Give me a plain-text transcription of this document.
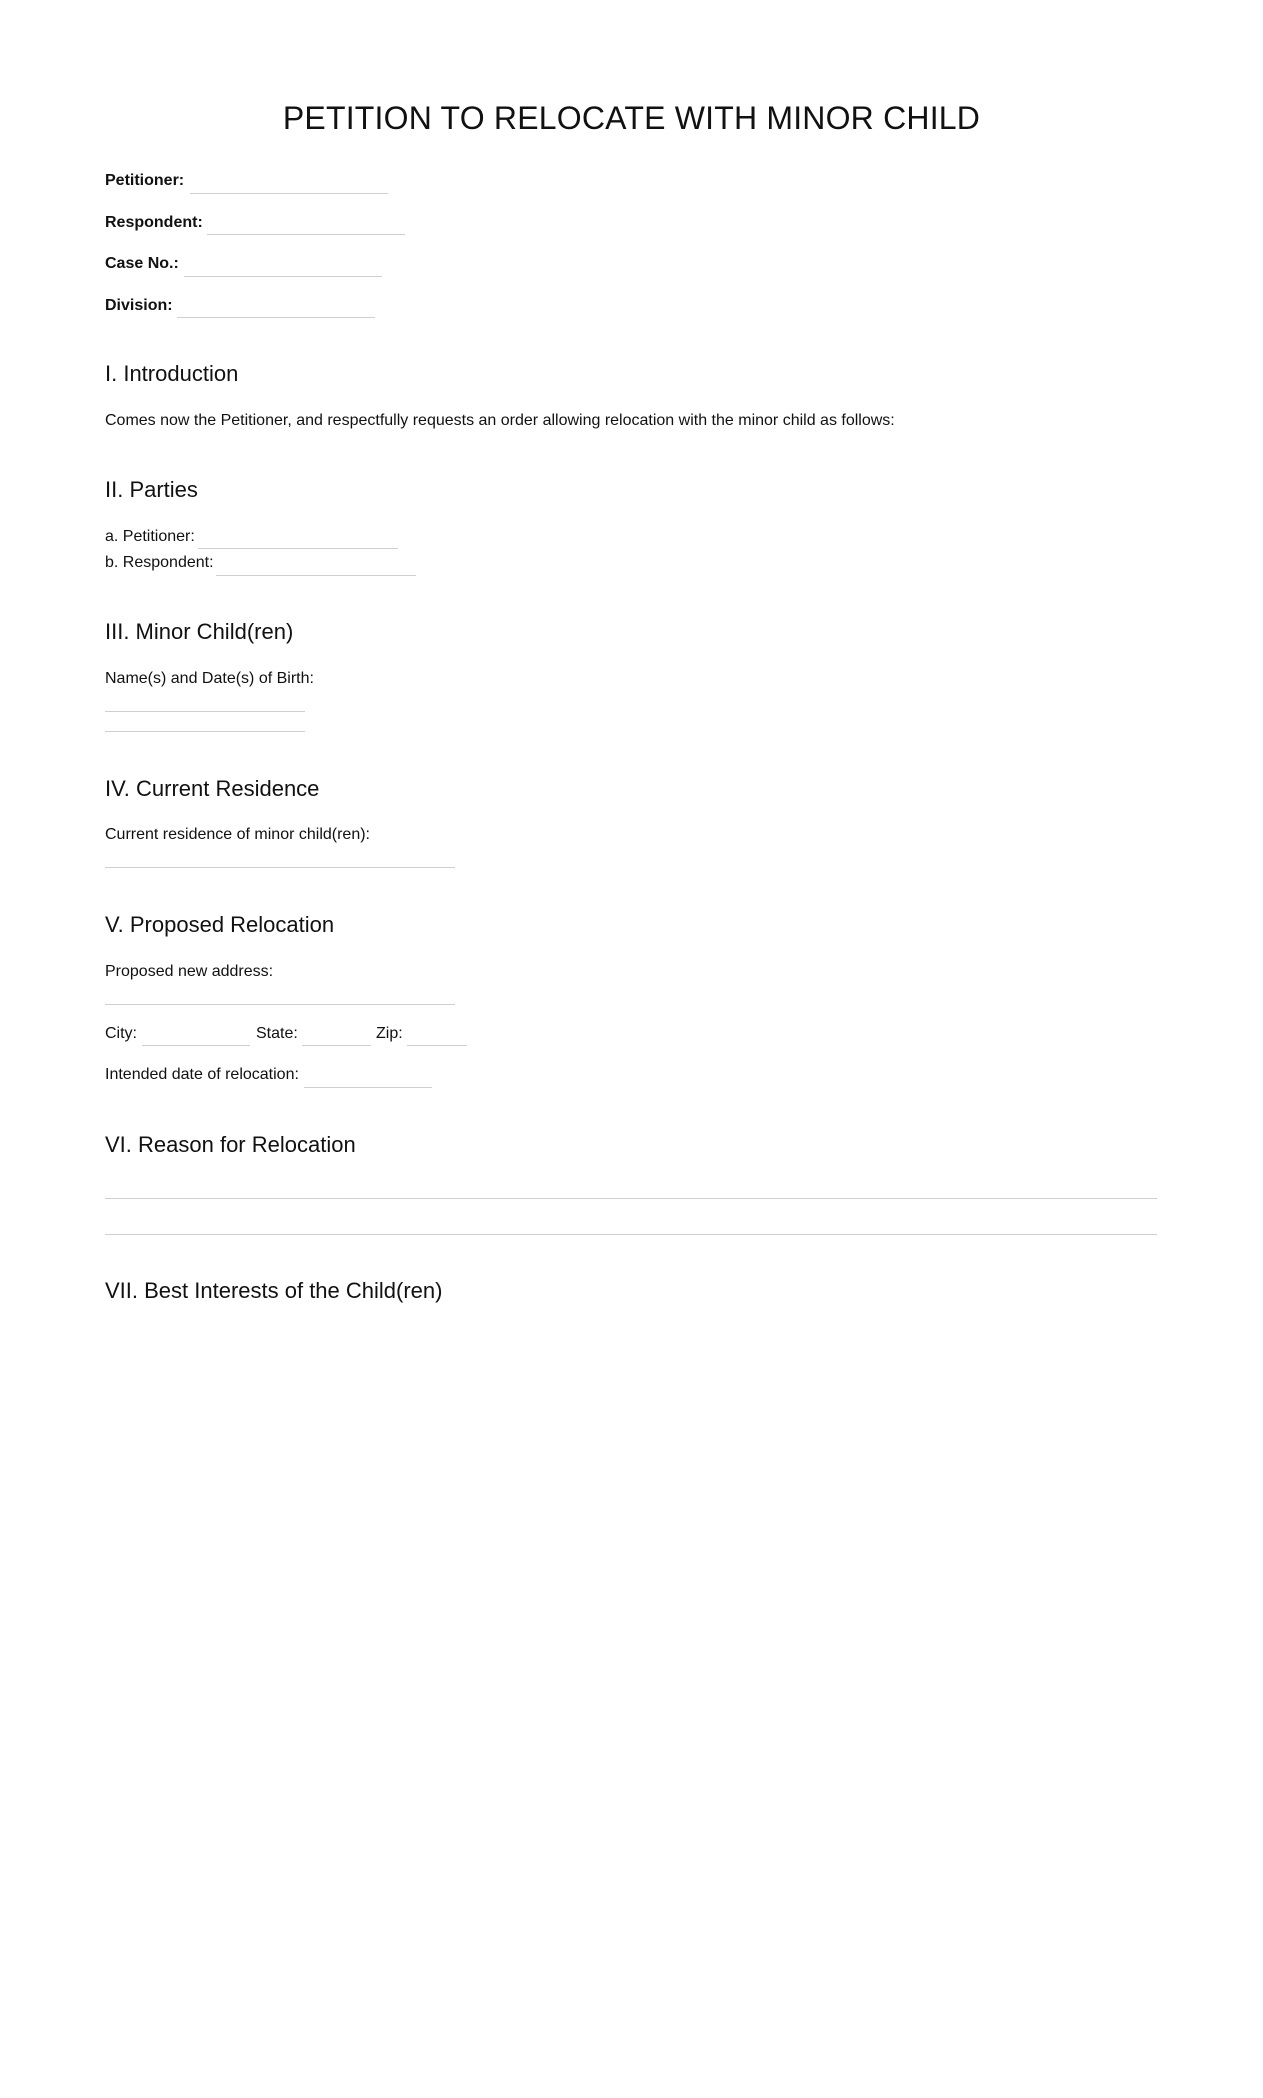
PETITION TO RELOCATE WITH MINOR CHILD
Petitioner:
Respondent:
Case No.:
Division:
I. Introduction
Comes now the Petitioner, and respectfully requests an order allowing relocation with the minor child as follows:
II. Parties
a. Petitioner:
b. Respondent:
III. Minor Child(ren)
Name(s) and Date(s) of Birth:
IV. Current Residence
Current residence of minor child(ren):
V. Proposed Relocation
Proposed new address:
City:	State:	Zip:
Intended date of relocation:
VI. Reason for Relocation
VII. Best Interests of the Child(ren)
